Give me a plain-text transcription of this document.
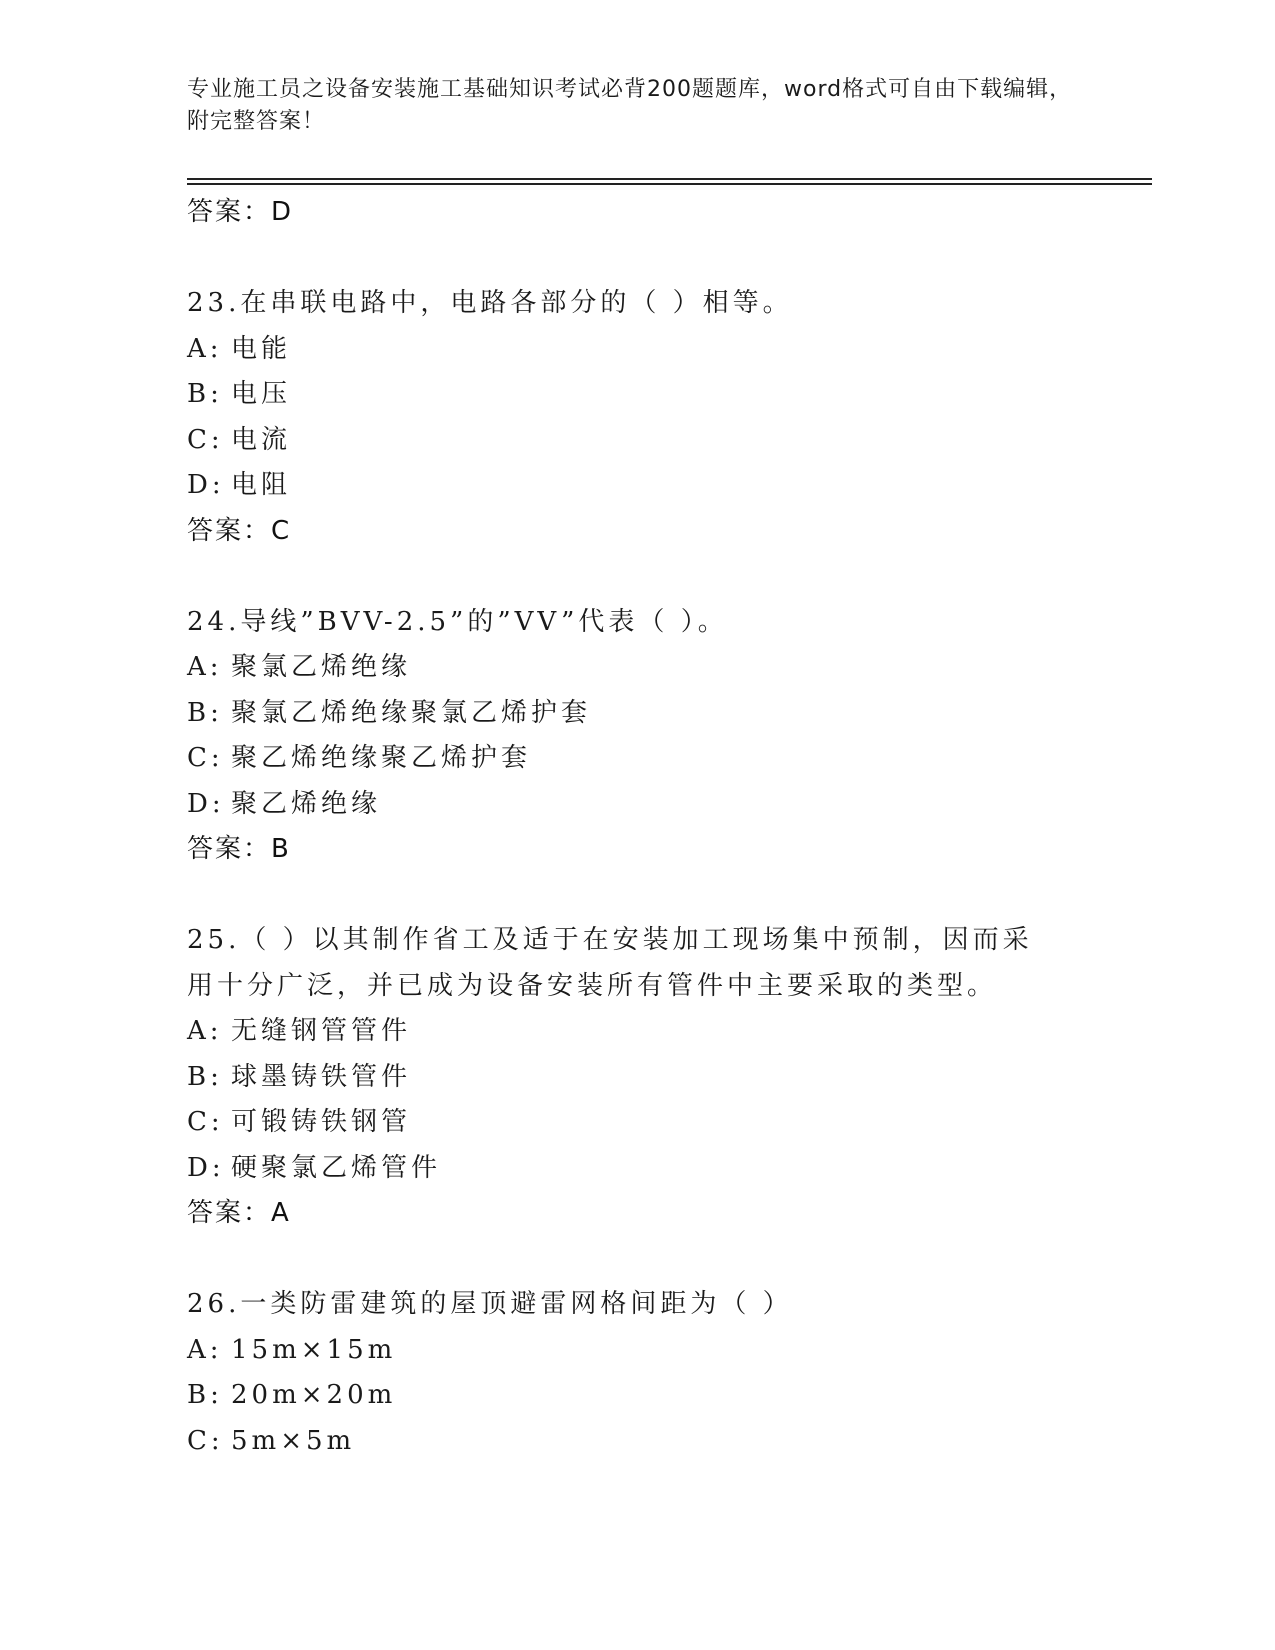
专业施工员之设备安装施工基础知识考试必背200题题库，word格式可自由下载编辑，附完整答案！
答案：D
23.在串联电路中，电路各部分的（ ）相等。
A: 电能
B: 电压
C: 电流
D: 电阻
答案：C
24.导线”BVV-2.5”的”VV”代表（ ）。
A: 聚氯乙烯绝缘
B: 聚氯乙烯绝缘聚氯乙烯护套
C: 聚乙烯绝缘聚乙烯护套
D: 聚乙烯绝缘
答案：B
25.（ ）以其制作省工及适于在安装加工现场集中预制，因而采用十分广泛，并已成为设备安装所有管件中主要采取的类型。
A: 无缝钢管管件
B: 球墨铸铁管件
C: 可锻铸铁钢管
D: 硬聚氯乙烯管件
答案：A
26.一类防雷建筑的屋顶避雷网格间距为（ ）
A: 15m×15m
B: 20m×20m
C: 5m×5m
